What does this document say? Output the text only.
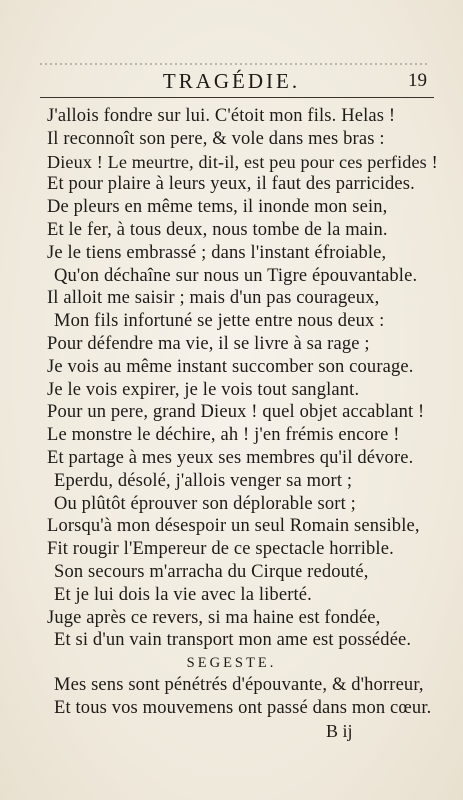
TRAGÉDIE.	19
J'allois fondre sur lui. C'étoit mon fils. Helas !
Il reconnoît son pere, & vole dans mes bras :
Dieux ! Le meurtre, dit-il, est peu pour ces perfides !
Et pour plaire à leurs yeux, il faut des parricides.
De pleurs en même tems, il inonde mon sein,
Et le fer, à tous deux, nous tombe de la main.
Je le tiens embrassé ; dans l'instant éfroiable,
Qu'on déchaîne sur nous un Tigre épouvantable.
Il alloit me saisir ; mais d'un pas courageux,
Mon fils infortuné se jette entre nous deux :
Pour défendre ma vie, il se livre à sa rage ;
Je vois au même instant succomber son courage.
Je le vois expirer, je le vois tout sanglant.
Pour un pere, grand Dieux ! quel objet accablant !
Le monstre le déchire, ah ! j'en frémis encore !
Et partage à mes yeux ses membres qu'il dévore.
Eperdu, désolé, j'allois venger sa mort ;
Ou plûtôt éprouver son déplorable sort ;
Lorsqu'à mon désespoir un seul Romain sensible,
Fit rougir l'Empereur de ce spectacle horrible.
Son secours m'arracha du Cirque redouté,
Et je lui dois la vie avec la liberté.
Juge après ce revers, si ma haine est fondée,
Et si d'un vain transport mon ame est possédée.
SEGESTE.
Mes sens sont pénétrés d'épouvante, & d'horreur,
Et tous vos mouvemens ont passé dans mon cœur.
B ij
